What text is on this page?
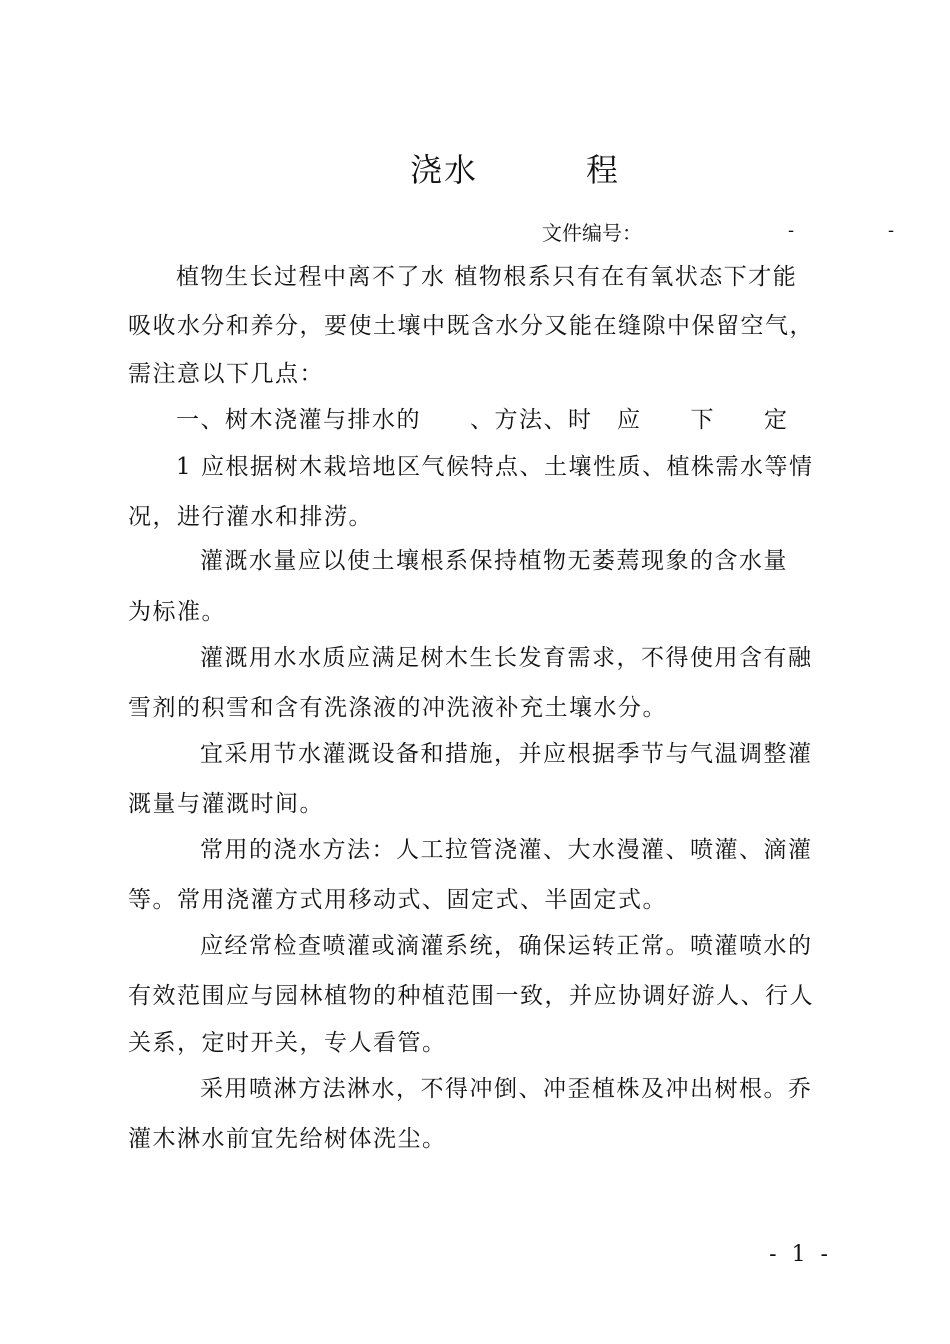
浇水	程
文件编号：	-	-
植物生长过程中离不了水 植物根系只有在有氧状态下才能
吸收水分和养分，要使土壤中既含水分又能在缝隙中保留空气，
需注意以下几点：
一、树木浇灌与排水的　　、方法、时　应　　下　　定
1 应根据树木栽培地区气候特点、土壤性质、植株需水等情
况，进行灌水和排涝。
灌溉水量应以使土壤根系保持植物无萎蔫现象的含水量
为标准。
灌溉用水水质应满足树木生长发育需求，不得使用含有融
雪剂的积雪和含有洗涤液的冲洗液补充土壤水分。
宜采用节水灌溉设备和措施，并应根据季节与气温调整灌
溉量与灌溉时间。
常用的浇水方法：人工拉管浇灌、大水漫灌、喷灌、滴灌
等。常用浇灌方式用移动式、固定式、半固定式。
应经常检查喷灌或滴灌系统，确保运转正常。喷灌喷水的
有效范围应与园林植物的种植范围一致，并应协调好游人、行人
关系，定时开关，专人看管。
采用喷淋方法淋水，不得冲倒、冲歪植株及冲出树根。乔
灌木淋水前宜先给树体洗尘。
- 1 -
